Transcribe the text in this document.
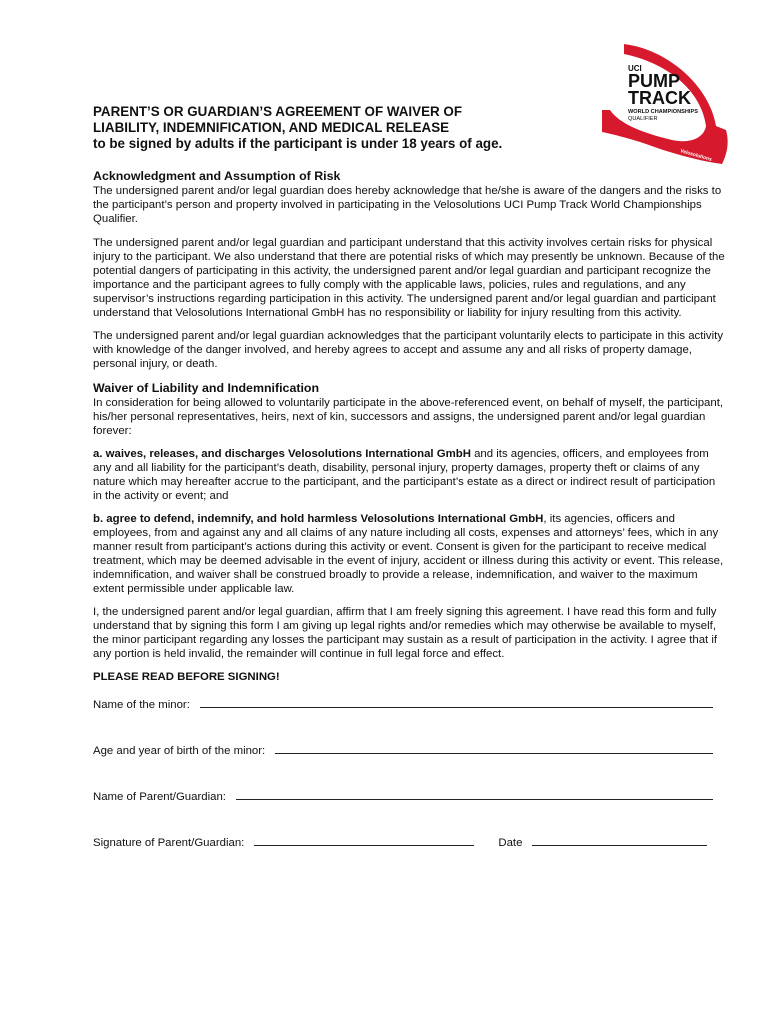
UCI
PUMP
TRACK
WORLD CHAMPIONSHIPS
QUALIFIER
Velosolutions
PARENT’S OR GUARDIAN’S AGREEMENT OF WAIVER OF
LIABILITY, INDEMNIFICATION, AND MEDICAL RELEASE
to be signed by adults if the participant is under 18 years of age.
Acknowledgment and Assumption of Risk

The undersigned parent and/or legal guardian does hereby acknowledge that he/she is aware of the dangers and the risks to the participant’s person and property involved in participating in the Velosolutions UCI Pump Track World Championships Qualifier.

The undersigned parent and/or legal guardian and participant understand that this activity involves certain risks for physical injury to the participant. We also understand that there are potential risks of which may presently be unknown. Because of the potential dangers of participating in this activity, the undersigned parent and/or legal guardian and participant recognize the importance and the participant agrees to fully comply with the applicable laws, policies, rules and regulations, and any supervisor’s instructions regarding participation in this activity. The undersigned parent and/or legal guardian and participant understand that Velosolutions International GmbH has no responsibility or liability for injury resulting from this activity.

The undersigned parent and/or legal guardian acknowledges that the participant voluntarily elects to participate in this activity with knowledge of the danger involved, and hereby agrees to accept and assume any and all risks of property damage, personal injury, or death.

Waiver of Liability and Indemnification

In consideration for being allowed to voluntarily participate in the above-referenced event, on behalf of myself, the participant, his/her personal representatives, heirs, next of kin, successors and assigns, the undersigned parent and/or legal guardian forever:

a. waives, releases, and discharges Velosolutions International GmbH and its agencies, officers, and employees from any and all liability for the participant’s death, disability, personal injury, property damages, property theft or claims of any nature which may hereafter accrue to the participant, and the participant’s estate as a direct or indirect result of participation in the activity or event; and

b. agree to defend, indemnify, and hold harmless Velosolutions International GmbH, its agencies, officers and employees, from and against any and all claims of any nature including all costs, expenses and attorneys’ fees, which in any manner result from participant’s actions during this activity or event. Consent is given for the participant to receive medical treatment, which may be deemed advisable in the event of injury, accident or illness during this activity or event. This release, indemnification, and waiver shall be construed broadly to provide a release, indemnification, and waiver to the maximum extent permissible under applicable law.

I, the undersigned parent and/or legal guardian, affirm that I am freely signing this agreement. I have read this form and fully understand that by signing this form I am giving up legal rights and/or remedies which may otherwise be available to myself, the minor participant regarding any losses the participant may sustain as a result of participation in the activity. I agree that if any portion is held invalid, the remainder will continue in full legal force and effect.

PLEASE READ BEFORE SIGNING!
Name of the minor:
Age and year of birth of the minor:
Name of Parent/Guardian:
Signature of Parent/Guardian:	Date
